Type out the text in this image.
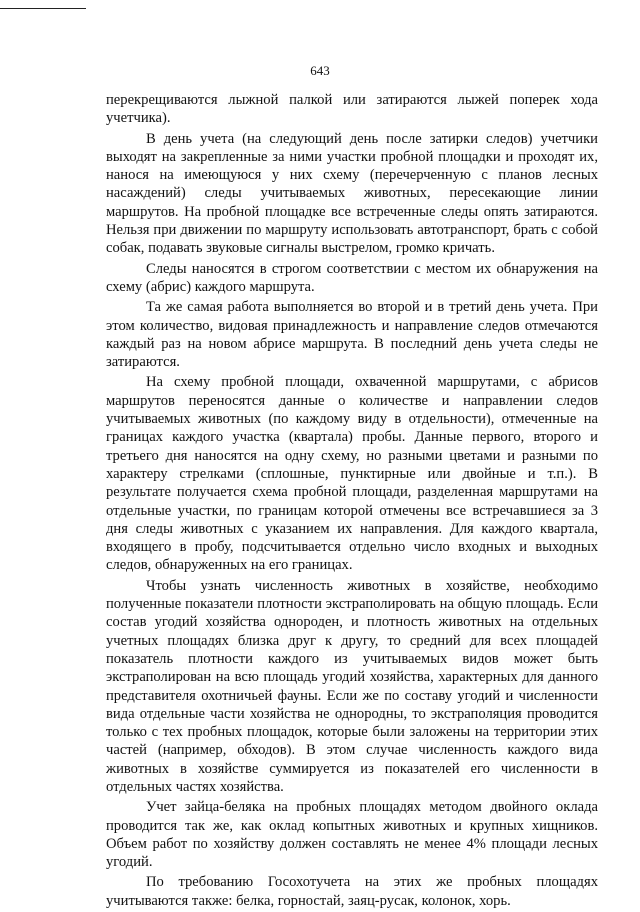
643

перекрещиваются лыжной палкой или затираются лыжей поперек хода учетчика).

В день учета (на следующий день после затирки следов) учетчики выходят на закрепленные за ними участки пробной площадки и проходят их, нанося на имеющуюся у них схему (перечерченную с планов лесных насаждений) следы учитываемых животных, пересекающие линии маршрутов. На пробной площадке все встреченные следы опять затираются. Нельзя при движении по маршруту использовать автотранспорт, брать с собой собак, подавать звуковые сигналы выстрелом, громко кричать.

Следы наносятся в строгом соответствии с местом их обнаружения на схему (абрис) каждого маршрута.

Та же самая работа выполняется во второй и в третий день учета. При этом количество, видовая принадлежность и направление следов отмечаются каждый раз на новом абрисе маршрута. В последний день учета следы не затираются.

На схему пробной площади, охваченной маршрутами, с абрисов маршрутов переносятся данные о количестве и направлении следов учитываемых животных (по каждому виду в отдельности), отмеченные на границах каждого участка (квартала) пробы. Данные первого, второго и третьего дня наносятся на одну схему, но разными цветами и разными по характеру стрелками (сплошные, пунктирные или двойные и т.п.). В результате получается схема пробной площади, разделенная маршрутами на отдельные участки, по границам которой отмечены все встречавшиеся за 3 дня следы животных с указанием их направления. Для каждого квартала, входящего в пробу, подсчитывается отдельно число входных и выходных следов, обнаруженных на его границах.

Чтобы узнать численность животных в хозяйстве, необходимо полученные показатели плотности экстраполировать на общую площадь. Если состав угодий хозяйства однороден, и плотность животных на отдельных учетных площадях близка друг к другу, то средний для всех площадей показатель плотности каждого из учитываемых видов может быть экстраполирован на всю площадь угодий хозяйства, характерных для данного представителя охотничьей фауны. Если же по составу угодий и численности вида отдельные части хозяйства не однородны, то экстраполяция проводится только с тех пробных площадок, которые были заложены на территории этих частей (например, обходов). В этом случае численность каждого вида животных в хозяйстве суммируется из показателей его численности в отдельных частях хозяйства.

Учет зайца-беляка на пробных площадях методом двойного оклада проводится так же, как оклад копытных животных и крупных хищников. Объем работ по хозяйству должен составлять не менее 4% площади лесных угодий.

По требованию Госохотучета на этих же пробных площадях учитываются также: белка, горностай, заяц-русак, колонок, хорь.
